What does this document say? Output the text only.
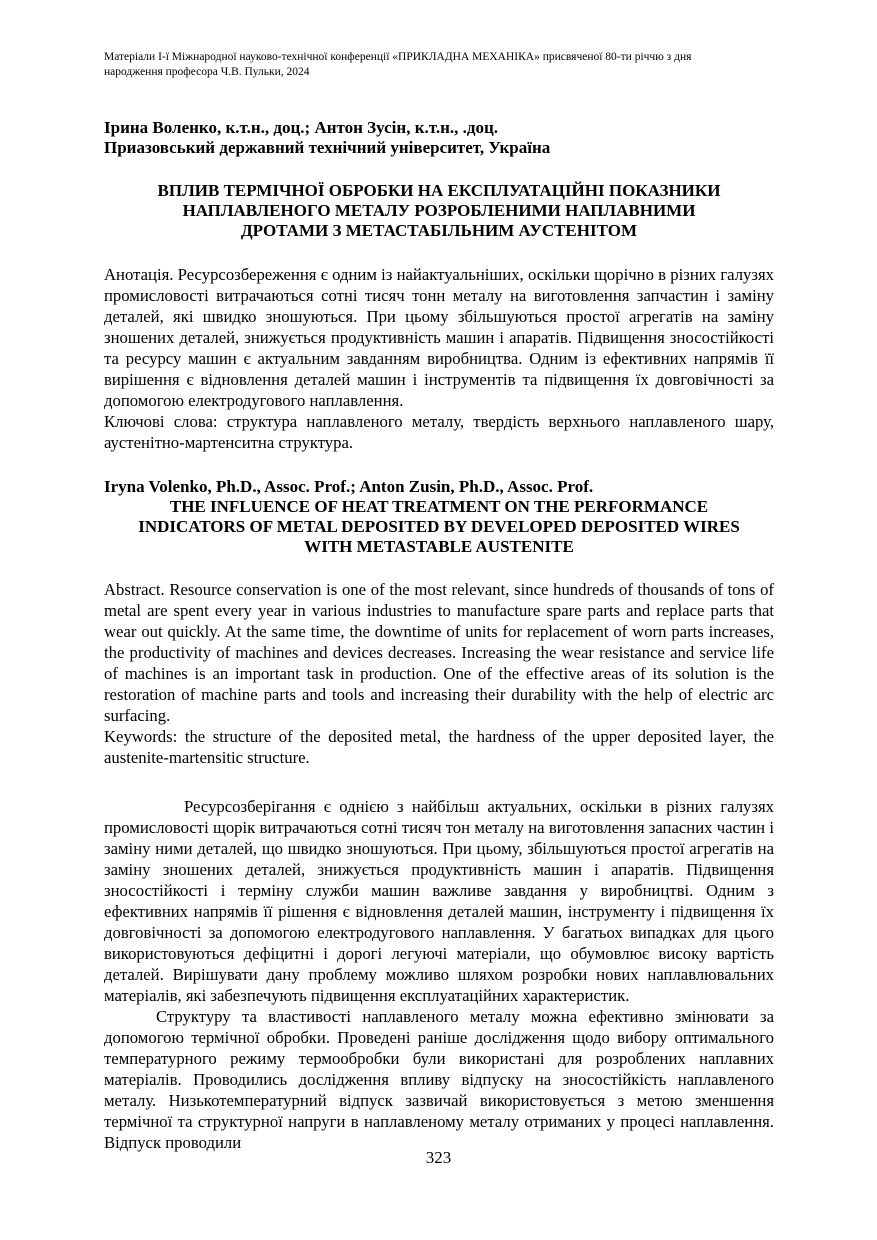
Матеріали І-ї Міжнародної науково-технічної конференції «ПРИКЛАДНА МЕХАНІКА» присвяченої 80-ти річчю з дня
народження професора Ч.В. Пульки, 2024
Ірина Воленко, к.т.н., доц.; Антон Зусін, к.т.н., .доц.
Приазовський державний технічний університет, Україна
ВПЛИВ ТЕРМІЧНОЇ ОБРОБКИ НА ЕКСПЛУАТАЦІЙНІ ПОКАЗНИКИ
НАПЛАВЛЕНОГО МЕТАЛУ РОЗРОБЛЕНИМИ НАПЛАВНИМИ
ДРОТАМИ З МЕТАСТАБІЛЬНИМ АУСТЕНІТОМ

Анотація. Ресурсозбереження є одним із найактуальніших, оскільки щорічно в різних галузях промисловості витрачаються сотні тисяч тонн металу на виготовлення запчастин і заміну деталей, які швидко зношуються. При цьому збільшуються простої агрегатів на заміну зношених деталей, знижується продуктивність машин і апаратів. Підвищення зносостійкості та ресурсу машин є актуальним завданням виробництва. Одним із ефективних напрямів її вирішення є відновлення деталей машин і інструментів та підвищення їх довговічності за допомогою електродугового наплавлення.

Ключові слова: структура наплавленого металу, твердість верхнього наплавленого шару, аустенітно-мартенситна структура.

Iryna Volenko, Ph.D., Assoc. Prof.; Anton Zusin, Ph.D., Assoc. Prof.
THE INFLUENCE OF HEAT TREATMENT ON THE PERFORMANCE
INDICATORS OF METAL DEPOSITED BY DEVELOPED DEPOSITED WIRES
WITH METASTABLE AUSTENITE

Abstract. Resource conservation is one of the most relevant, since hundreds of thousands of tons of metal are spent every year in various industries to manufacture spare parts and replace parts that wear out quickly. At the same time, the downtime of units for replacement of worn parts increases, the productivity of machines and devices decreases. Increasing the wear resistance and service life of machines is an important task in production. One of the effective areas of its solution is the restoration of machine parts and tools and increasing their durability with the help of electric arc surfacing.

Keywords: the structure of the deposited metal, the hardness of the upper deposited layer, the austenite-martensitic structure.

Ресурсозберігання є однією з найбільш актуальних, оскільки в різних галузях промисловості щорік витрачаються сотні тисяч тон металу на виготовлення запасних частин і заміну ними деталей, що швидко зношуються. При цьому, збільшуються простої агрегатів на заміну зношених деталей, знижується продуктивність машин і апаратів. Підвищення зносостійкості і терміну служби машин важливе завдання у виробництві. Одним з ефективних напрямів її рішення є відновлення деталей машин, інструменту і підвищення їх довговічності за допомогою електродугового наплавлення. У багатьох випадках для цього використовуються дефіцитні і дорогі легуючі матеріали, що обумовлює високу вартість деталей. Вирішувати дану проблему можливо шляхом розробки нових наплавлювальних матеріалів, які забезпечують підвищення експлуатаційних характеристик.

Структуру та властивості наплавленого металу можна ефективно змінювати за допомогою термічної обробки. Проведені раніше дослідження щодо вибору оптимального температурного режиму термообробки були використані для розроблених наплавних матеріалів. Проводились дослідження впливу відпуску на зносостійкість наплавленого металу. Низькотемпературний відпуск зазвичай використовується з метою зменшення термічної та структурної напруги в наплавленому металу отриманих у процесі наплавлення. Відпуск проводили

323
